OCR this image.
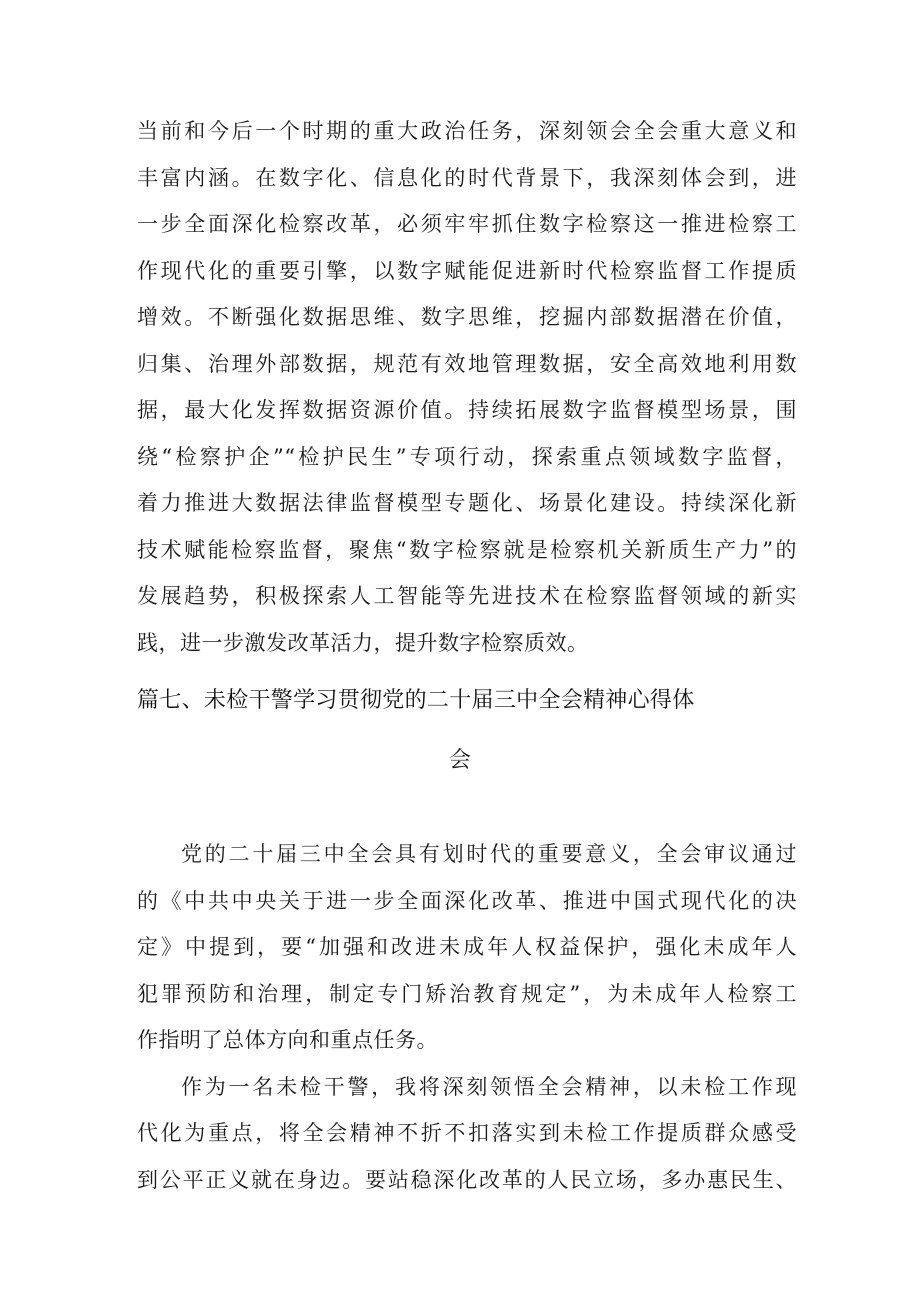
当前和今后一个时期的重大政治任务，深刻领会全会重大意义和
丰富内涵。在数字化、信息化的时代背景下，我深刻体会到，进
一步全面深化检察改革，必须牢牢抓住数字检察这一推进检察工
作现代化的重要引擎，以数字赋能促进新时代检察监督工作提质
增效。不断强化数据思维、数字思维，挖掘内部数据潜在价值，
归集、治理外部数据，规范有效地管理数据，安全高效地利用数
据，最大化发挥数据资源价值。持续拓展数字监督模型场景，围
绕“检察护企”“检护民生”专项行动，探索重点领域数字监督，
着力推进大数据法律监督模型专题化、场景化建设。持续深化新
技术赋能检察监督，聚焦“数字检察就是检察机关新质生产力”的
发展趋势，积极探索人工智能等先进技术在检察监督领域的新实
践，进一步激发改革活力，提升数字检察质效。
篇七、未检干警学习贯彻党的二十届三中全会精神心得体
会
党的二十届三中全会具有划时代的重要意义，全会审议通过
的《中共中央关于进一步全面深化改革、推进中国式现代化的决
定》中提到，要“加强和改进未成年人权益保护，强化未成年人
犯罪预防和治理，制定专门矫治教育规定”，为未成年人检察工
作指明了总体方向和重点任务。
作为一名未检干警，我将深刻领悟全会精神，以未检工作现
代化为重点，将全会精神不折不扣落实到未检工作提质群众感受
到公平正义就在身边。要站稳深化改革的人民立场，多办惠民生、
